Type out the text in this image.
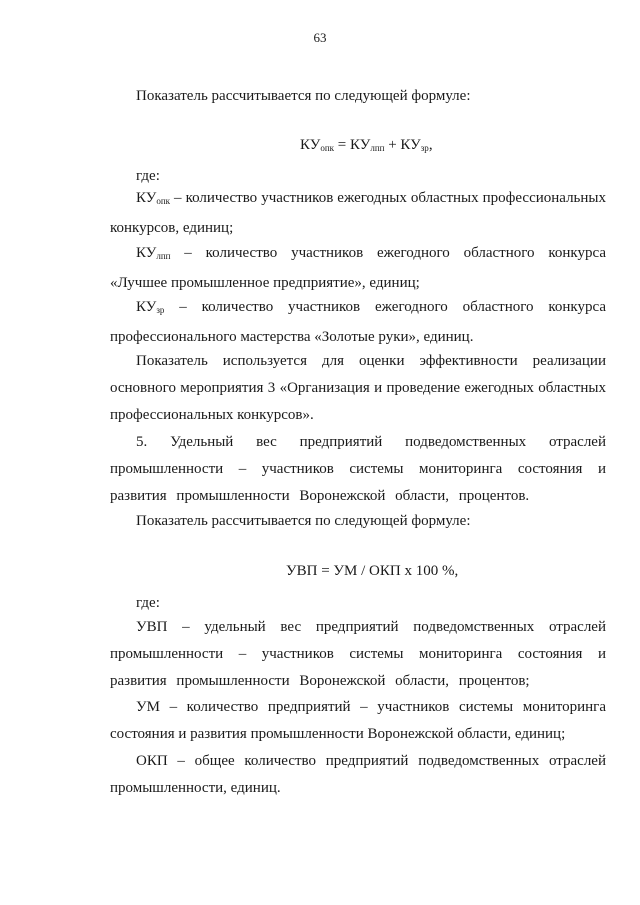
63

Показатель рассчитывается по следующей формуле:

$КУ_{опк} = КУ_{лпп} + КУ_{зр}$,

где:

$КУ_{опк}$ – количество участников ежегодных областных профессиональных конкурсов, единиц;

$КУ_{лпп}$ – количество участников ежегодного областного конкурса «Лучшее промышленное предприятие», единиц;

$КУ_{зр}$ – количество участников ежегодного областного конкурса профессионального мастерства «Золотые руки», единиц.

Показатель используется для оценки эффективности реализации основного мероприятия 3 «Организация и проведение ежегодных областных профессиональных конкурсов».

5. Удельный вес предприятий подведомственных отраслей промышленности – участников системы мониторинга состояния и развития промышленности Воронежской области, процентов.

Показатель рассчитывается по следующей формуле:

УВП = УМ / ОКП х 100 %,

где:

УВП – удельный вес предприятий подведомственных отраслей промышленности – участников системы мониторинга состояния и развития промышленности Воронежской области, процентов;

УМ – количество предприятий – участников системы мониторинга состояния и развития промышленности Воронежской области, единиц;

ОКП – общее количество предприятий подведомственных отраслей промышленности, единиц.
